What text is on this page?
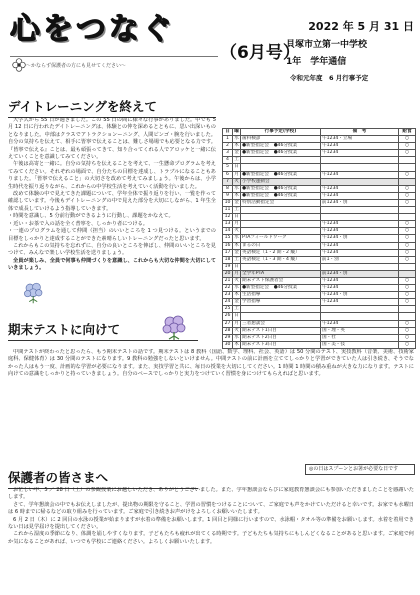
心をつなぐ
～かならず保護者の方にも見せてください～
（6月号）
2022 年 5 月 31 日
貝塚市立第一中学校
1年　学年通信
令和元年度　6 月行事予定
デイトレーニングを終えて

大学式から 55 日が過ぎました。この 55 日の間に様々な行事がありました。中でも 5 月 12 日に行われたデイトレーニングは、体験との仲を深めるとともに、思い出深いものとなりました。中部はクラスでアトラクションーニング、人間ビンゴ・腕を行いました。自分の気持ちを伝えて、相手に皆寧で伝えることは、難しさ場場でも応要となる力です。『皆寧で伝える』ことは、最も頑張ってきて、知り合ってくれる人でアロッケと一緒に伝えていくことを意識してみてください。

午後は高寄と一緒に。自分の気持ちを伝えることを考えて、一生懸命プログラムを考えてみてください。それぞれの場面で、自分たちの目標を達成し、トラブルになることもありました。「皆寧で伝えること」の大切さを改めて考えてみましょう。午後からは、小学生時代を振り返りながら、これからの中学校生活を考えていく活動を行いました。

改めて体験の中で見えてきた課題について、学年全体で振り返りを行い、一覧を作って確認しています。今後もデイトレーニングの中で見えた部分を大切にしながら、1 年生全体で成長していけるよう指導していきます。

・時間を意識し、5 分前行動ができるように行動し、課題をかなえて。

・近い・お茶で入の話を全く普寧を、しっかり者につける。

・一連のプログラムを通して仲間（担当）のいいところを 1 つ見つける。というまでの目標をしっかりと達成することができた素晴らしいトレーニングだったと思います。

これからもこの気持ちを忘れずに、自分の良いところを伸ばし、仲間のいいところを見つけて、みんなで楽しい学校生活を送りましょう。

全員が楽しみ、全員で何事も仲間づくりを意識し、これからも大切な仲間を大切にしていきましょう。

日	曜	行事予定(学校)	備　考	給食
1	水	歯科検診	午1234・立場	○
2	木	●新型指定会　●46分授業	午1234	○
3	金	●新型指定会　●46分授業	午1234	○
4	土			
5	日			
6	月	●新型指定会　●46分授業	午1234	○
7	火	小学校運動会		
8	水	●新型指定会　●46分授業	午1234	○
9	木	●新型指定会　●46分授業	午1234	○
10	金	特別活動指定会	前1234・別	○
11	土			
12	日			
13	月		午1234	○
14	火		午1234	○
15	水	PTAフィールドワーク	午1234・別	○
16	木	まるの日	午1234	○
17	金	英語検定（1・2 期・2 級）	午1234	○
18	土	英語検定（1・3 期・4 級）	前1・別	○
19	日			
20	月	全学年PTA	前1234・別	
21	火	期末テスト保護者会	午1234	○
22	水	●新型指定会　●46分授業	午1234	○
23	木	生活指導	午1234・別	○
24	金	学習指導	午1234	○
25	土			
26	日			
27	月	三者懇談会	午1234	○
28	火	期末テスト1日目	国・理・英	○
29	水	期末テスト2日目	国・社	○
30	木	期末テスト3日目	国・美・技	○
期末テストに向けて

中間テストが終わったと思ったら、もう期末テストの話です。期末テストは 8 教科（国語、数学、理科、社会、英語）は 50 分間のテスト、実技教科（音楽、美術、技術家庭科、保健体育）は 30 分間のテストになります。9 教科の勉強をしないといけません。中間テストの前に計画を立ててしっかりと学習ができていた人は引き続き、そうでなかった人はもう一度、計画的な学習が必要になります。また、実技学習と共に、毎日の授業を大切にしてください。1 時間 1 時間の積み重ねが大きな力になります。テストに向けての意識をしっかりと持っていきましょう。自分のペースでしっかりと実力をつけていく習慣を身につけてもらえればと思います。

◎の日はスプーンとお箸が必要な日です
保護者の皆さまへ

お忙しい中、5 ／ 28 日（土）の参観授業にお越しいただき、ありがとうございました。また、学年懇談会ならびに家庭教育懇談会にも参加いただきましたことを感謝いたします。

さて、学年懇談会の中でもお伝えしましたが、提出物の期限を守ること、学習の習慣をつけることについて、ご家庭でも声をかけていただけると幸いです。お家でも水曜日は 6 時までに帰るなどの取り組みを行っています。ご家庭で引き続きお声がけをよろしくお願いいたします。

6 月 2 日（木）に 2 回目の水泳の授業が始まりますが水着の準備をお願いします。1 回目と同様に行いますので、水泳帽・タオル等の準備をお願いします。水着を着用できない日は見学届けを提出してください。

これから湿度の季節になり、体調を崩しやすくなります。子どもたちも疲れが出てくる時期です。子どもたちも気持ちにもしんどくなることがあると思います。ご家庭で何か気になることがあれば、いつでも学校にご連絡ください。よろしくお願いいたします。
